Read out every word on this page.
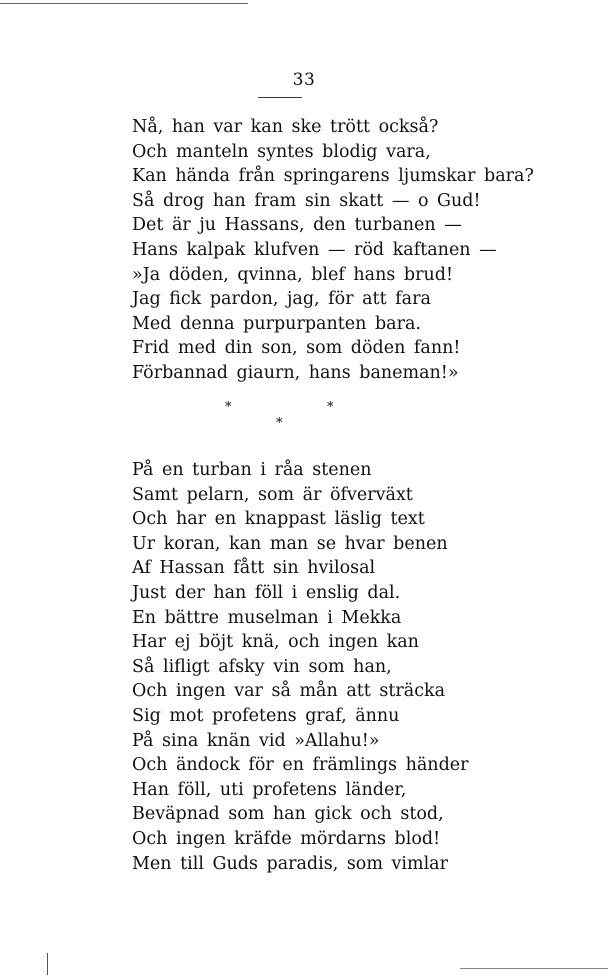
33
Nå, han var kan ske trött också?
Och manteln syntes blodig vara,
Kan hända från springarens ljumskar bara?
Så drog han fram sin skatt — o Gud!
Det är ju Hassans, den turbanen —
Hans kalpak klufven — röd kaftanen —
»Ja döden, qvinna, blef hans brud!
Jag fick pardon, jag, för att fara
Med denna purpurpanten bara.
Frid med din son, som döden fann!
Förbannad giaurn, hans baneman!»
*
*
*
På en turban i råa stenen
Samt pelarn, som är öfverväxt
Och har en knappast läslig text
Ur koran, kan man se hvar benen
Af Hassan fått sin hvilosal
Just der han föll i enslig dal.
En bättre muselman i Mekka
Har ej böjt knä, och ingen kan
Så lifligt afsky vin som han,
Och ingen var så mån att sträcka
Sig mot profetens graf, ännu
På sina knän vid »Allahu!»
Och ändock för en främlings händer
Han föll, uti profetens länder,
Beväpnad som han gick och stod,
Och ingen kräfde mördarns blod!
Men till Guds paradis, som vimlar
